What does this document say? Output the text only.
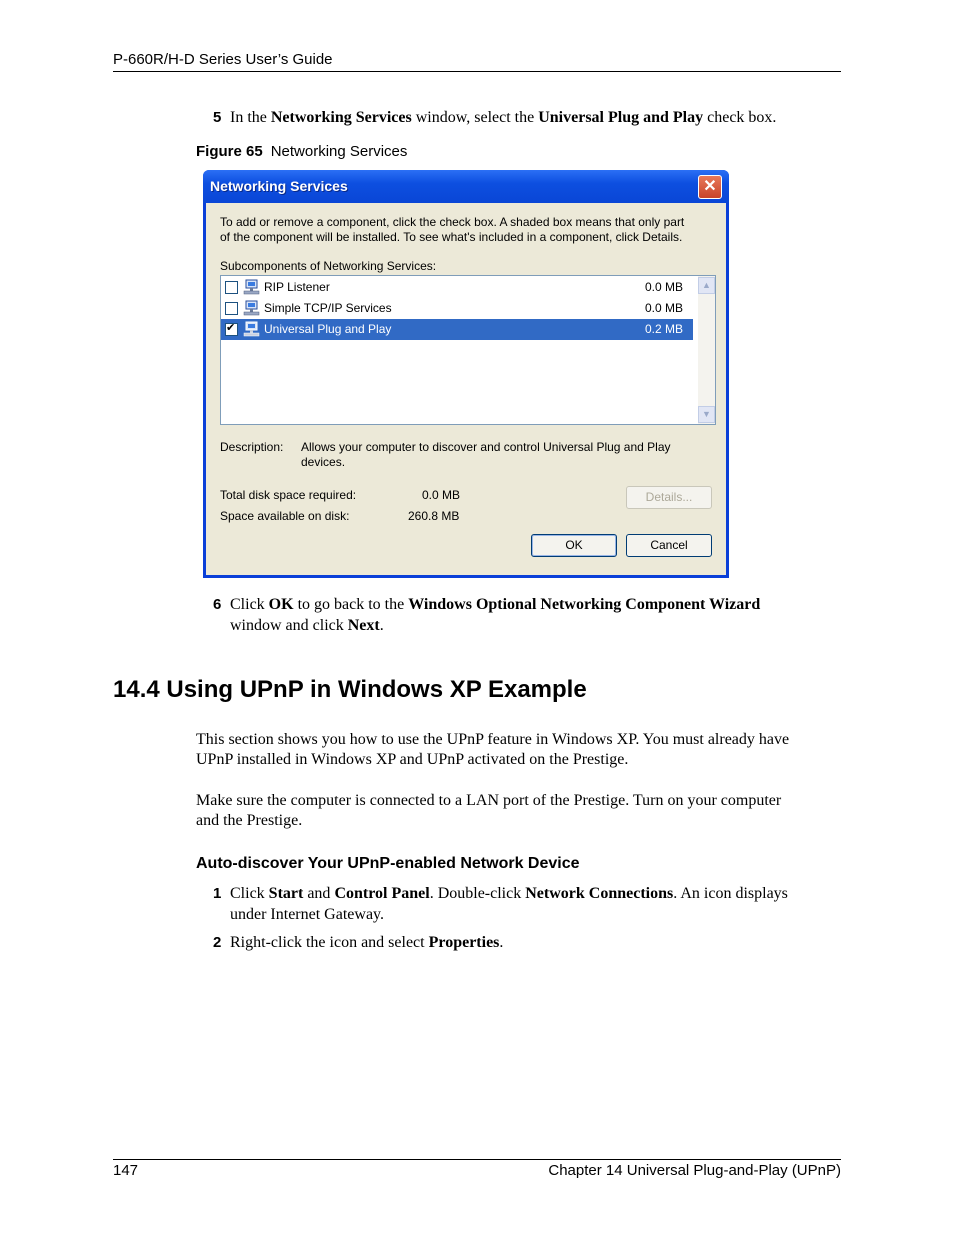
P-660R/H-D Series User’s Guide
5 In the Networking Services window, select the Universal Plug and Play check box.
Figure 65 Networking Services
Networking Services	✕
To add or remove a component, click the check box. A shaded box means that only part
of the component will be installed. To see what's included in a component, click Details.
Subcomponents of Networking Services:
RIP Listener	0.0 MB
Simple TCP/IP Services	0.0 MB
✔
Universal Plug and Play	0.2 MB
▲
▼
Description: Allows your computer to discover and control Universal Plug and Play
devices.
Total disk space required:	0.0 MB
Space available on disk:	260.8 MB
Details...
OK	Cancel
6 Click OK to go back to the Windows Optional Networking Component Wizard
window and click Next.
14.4 Using UPnP in Windows XP Example
This section shows you how to use the UPnP feature in Windows XP. You must already have
UPnP installed in Windows XP and UPnP activated on the Prestige.
Make sure the computer is connected to a LAN port of the Prestige. Turn on your computer
and the Prestige.
Auto-discover Your UPnP-enabled Network Device
1 Click Start and Control Panel. Double-click Network Connections. An icon displays
under Internet Gateway.
2 Right-click the icon and select Properties.
147	Chapter 14 Universal Plug-and-Play (UPnP)
